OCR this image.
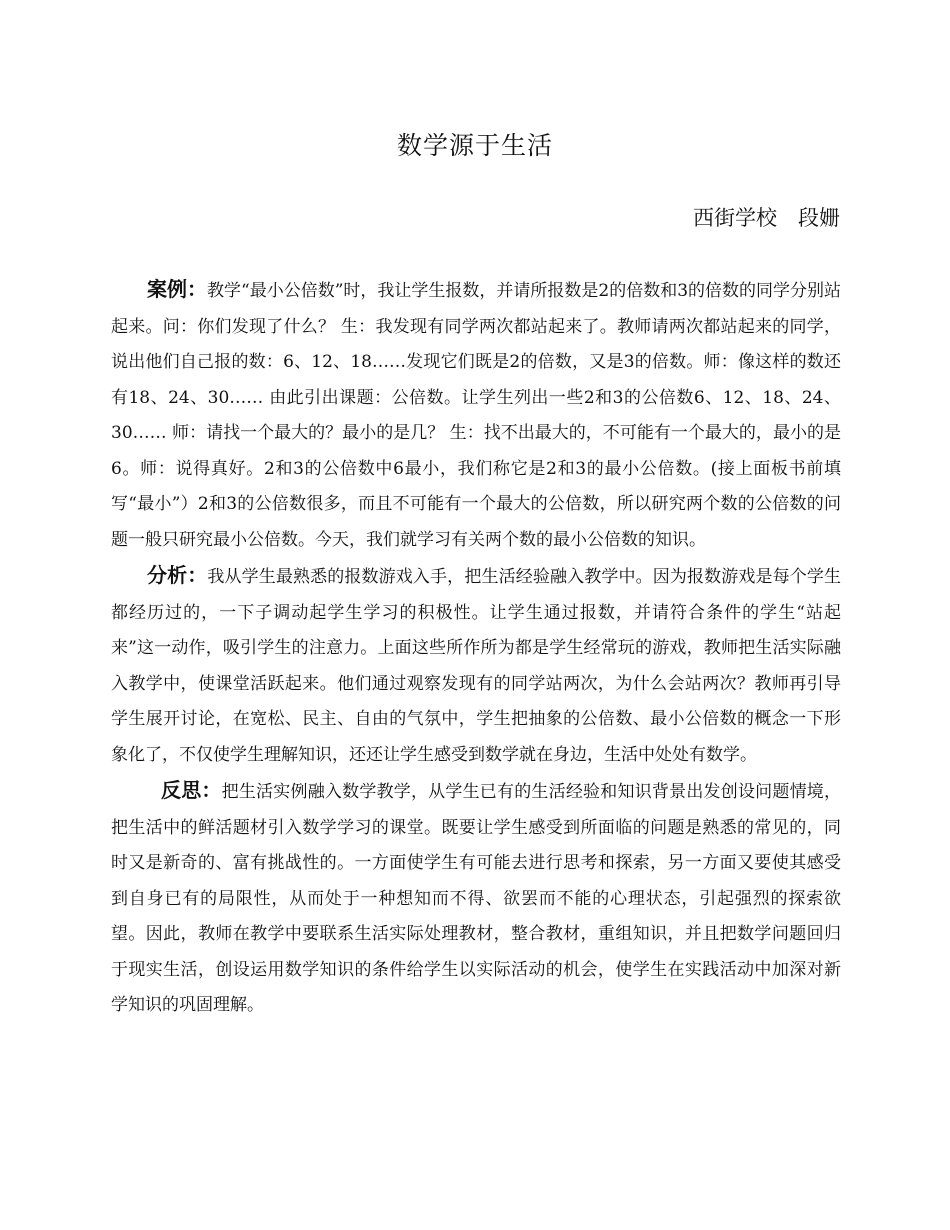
数学源于生活
西街学校　段姗

案例：教学“最小公倍数”时，我让学生报数，并请所报数是2的倍数和3的倍数的同学分别站起来。问：你们发现了什么？ 生：我发现有同学两次都站起来了。教师请两次都站起来的同学，说出他们自己报的数：6、12、18……发现它们既是2的倍数，又是3的倍数。师：像这样的数还有18、24、30…… 由此引出课题：公倍数。让学生列出一些2和3的公倍数6、12、18、24、30…… 师：请找一个最大的？最小的是几？ 生：找不出最大的，不可能有一个最大的，最小的是6。师：说得真好。2和3的公倍数中6最小，我们称它是2和3的最小公倍数。(接上面板书前填写“最小”）2和3的公倍数很多，而且不可能有一个最大的公倍数，所以研究两个数的公倍数的问题一般只研究最小公倍数。今天，我们就学习有关两个数的最小公倍数的知识。

分析：我从学生最熟悉的报数游戏入手，把生活经验融入教学中。因为报数游戏是每个学生都经历过的，一下子调动起学生学习的积极性。让学生通过报数，并请符合条件的学生“站起来”这一动作，吸引学生的注意力。上面这些所作所为都是学生经常玩的游戏，教师把生活实际融入教学中，使课堂活跃起来。他们通过观察发现有的同学站两次，为什么会站两次？教师再引导学生展开讨论，在宽松、民主、自由的气氛中，学生把抽象的公倍数、最小公倍数的概念一下形象化了，不仅使学生理解知识，还还让学生感受到数学就在身边，生活中处处有数学。

反思：把生活实例融入数学教学，从学生已有的生活经验和知识背景出发创设问题情境，把生活中的鲜活题材引入数学学习的课堂。既要让学生感受到所面临的问题是熟悉的常见的，同时又是新奇的、富有挑战性的。一方面使学生有可能去进行思考和探索，另一方面又要使其感受到自身已有的局限性，从而处于一种想知而不得、欲罢而不能的心理状态，引起强烈的探索欲望。因此，教师在教学中要联系生活实际处理教材，整合教材，重组知识，并且把数学问题回归于现实生活，创设运用数学知识的条件给学生以实际活动的机会，使学生在实践活动中加深对新学知识的巩固理解。
